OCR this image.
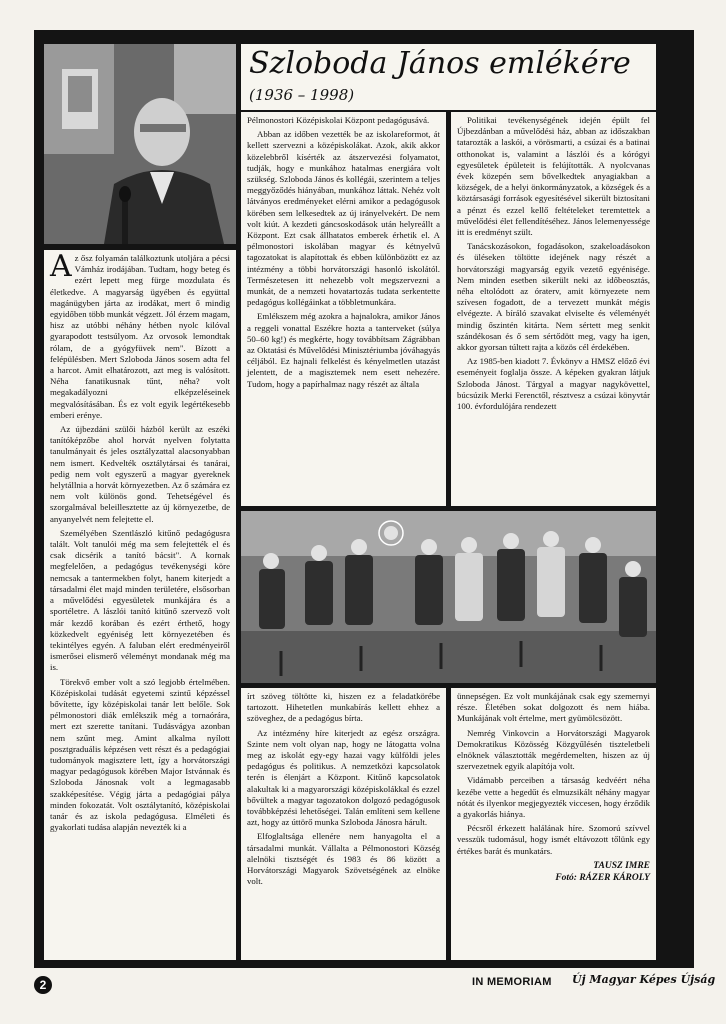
Szloboda János emlékére
(1936 – 1998)

Az ősz folyamán találkoztunk utoljára a pécsi Vámház irodájában. Tudtam, hogy beteg és ezért lepett meg fürge mozdulata és életkedve. A magyarság ügyében és együttal magánügyben járta az irodákat, mert ő mindig egyidőben több munkát végzett. Jól érzem magam, hisz az utóbbi néhány hétben nyolc kilóval gyarapodott testsúlyom. Az orvosok lemondtak rólam, de a gyógyfüvek nem". Bízott a felépülésben. Mert Szloboda János sosem adta fel a harcot. Amit elhatározott, azt meg is valósított. Néha fanatikusnak tűnt, néha? volt megakadályozni elképzeléseinek megvalósításában. És ez volt egyik legértékesebb emberi erénye.

Az újbezdáni szülői házból került az eszéki tanítóképzőbe ahol horvát nyelven folytatta tanulmányait és jeles osztályzattal alacsonyabban nem ismert. Kedvelték osztálytársai és tanárai, pedig nem volt egyszerű a magyar gyereknek helytállnia a horvát környezetben. Az ő számára ez nem volt különös gond. Tehetségével és szorgalmával beleillesztette az új környezetbe, de anyanyelvét nem felejtette el.

Személyében Szentlászló kitűnő pedagógusra talált. Volt tanulói még ma sem felejtették el és csak dicsérik a tanító bácsit". A kornak megfelelően, a pedagógus tevékenységi köre nemcsak a tantermekben folyt, hanem kiterjedt a társadalmi élet majd minden területére, elsősorban a művelődési egyesületek munkájára és a sportéletre. A lászlói tanító kitűnő szervező volt már kezdő korában és ezért érthető, hogy közkedvelt egyéniség lett környezetében és tekintélyes egyén. A faluban elért eredményeiről ismerősei elismerő véleményt mondanak még ma is.

Törekvő ember volt a szó legjobb értelmében. Középiskolai tudását egyetemi szintű képzéssel bővítette, így középiskolai tanár lett belőle. Sok pélmonostori diák emlékszik még a tornaórára, mert ezt szerette tanítani. Tudásvágya azonban nem szűnt meg. Amint alkalma nyílott posztgraduális képzésen vett részt és a pedagógiai tudományok magiszterе lett, így a horvátországi magyar pedagógusok körében Major Istvánnak és Szloboda Jánosnak volt a legmagasabb szakképesítése. Végig járta a pedagógiai pálya minden fokozatát. Volt osztálytanító, középiskolai tanár és az iskola pedagógusa. Elméleti és gyakorlati tudása alapján nevezték ki a

Pélmonostori Középiskolai Központ pedagógusává.

Abban az időben vezették be az iskolareformot, át kellett szervezni a középiskolákat. Azok, akik akkor közelebbről kísérték az átszervezési folyamatot, tudják, hogy e munkához hatalmas energiára volt szükség. Szloboda János és kollégái, szerintem a teljes meggyőződés hiányában, munkához láttak. Nehéz volt látványos eredményeket elérni amikor a pedagógusok körében sem lelkesedtek az új irányelvekért. De nem volt kiút. A kezdeti gáncsoskodások után helyreállt a Központ. Ezt csak állhatatos emberek érhetik el. A pélmonostori iskolában magyar és kétnyelvű tagozatokat is alapítottak és ebben különbözött ez az intézmény a többi horvátországi hasonló iskolától. Természetesen itt nehezebb volt megszervezni a munkát, de a nemzeti hovatartozás tudata serkentette pedagógus kollégáinkat a többletmunkára.

Emlékszem még azokra a hajnalokra, amikor János a reggeli vonattal Eszékre hozta a tanterveket (súlya 50–60 kg!) és megkérte, hogy továbbítsam Zágrábban az Oktatási és Művelődési Minisztériumba jóváhagyás céljából. Ez hajnali felkelést és kényelmetlen utazást jelentett, de a magisztemek nem esett nehezére. Tudom, hogy a papírhalmaz nagy részét az általa

Politikai tevékenységének idején épült fel Újbezdánban a művelődési ház, abban az időszakban tatarozták a laskói, a vörösmarti, a csúzai és a batinai otthonokat is, valamint a lászlói és a kórógyi egyesületek épületeit is felújították. A nyolcvanas évek közepén sem bővelkedtek anyagiakban a községek, de a helyi önkormányzatok, a községek és a köztársasági források egyesítésével sikerült biztosítani a pénzt és ezzel kellő feltételeket teremtettek a művelődési élet fellendítéséhez. János lelemenyessége itt is eredményt szült.

Tanácskozásokon, fogadásokon, szakeloadásokon és üléseken töltötte idejének nagy részét a horvátországi magyarság egyik vezető egyénisége. Nem minden esetben sikerült neki az időbeosztás, néha eltolódott az óraterv, amit környezete nem szívesen fogadott, de a tervezett munkát mégis elvégezte. A bíráló szavakat elviselte és véleményét mindig őszintén kitárta. Nem sértett meg senkit szándékosan és ő sem sértődött meg, vagy ha igen, akkor gyorsan túltett rajta a közös cél érdekében.

Az 1985-ben kiadott 7. Évkönyv a HMSZ előző évi eseményeit foglalja össze. A képeken gyakran látjuk Szloboda Jánost. Tárgyal a magyar nagykövettel, búcsúzik Merki Ferenctől, résztvesz a csúzai könyvtár 100. évfordulójára rendezett

írt szöveg töltötte ki, hiszen ez a feladatkörébe tartozott. Hihetetlen munkabírás kellett ehhez a szöveghez, de a pedagógus bírta.

Az intézmény híre kiterjedt az egész országra. Szinte nem volt olyan nap, hogy ne látogatta volna meg az iskolát egy-egy hazai vagy külföldi jeles pedagógus és politikus. A nemzetközi kapcsolatok terén is élenjárt a Központ. Kitűnő kapcsolatok alakultak ki a magyarországi középiskolákkal és ezzel bővültek a magyar tagozatokon dolgozó pedagógusok továbbképzési lehetőségei. Talán említeni sem kellene azt, hogy az úttörő munka Szloboda Jánosra hárult.

Elfoglaltsága ellenére nem hanyagolta el a társadalmi munkát. Vállalta a Pélmonostori Község alelnöki tisztségét és 1983 és 86 között a Horvátországi Magyarok Szövetségének az elnöke volt.

ünnepségen. Ez volt munkájának csak egy szemernyi része. Életében sokat dolgozott és nem hiába. Munkájának volt értelme, mert gyümölcsözött.

Nemrég Vinkovcin a Horvátországi Magyarok Demokratikus Közösség Közgyűlésén tiszteletbeli elnöknek választották megérdemelten, hiszen az új szervezetnek egyik alapítója volt.

Vidámabb perceiben a társaság kedvéért néha kezébe vette a hegedűt és elmuzsikált néhány magyar nótát és ilyenkor megjegyezték viccesen, hogy érződik a gyakorlás hiánya.

Pécsről érkezett halálának híre. Szomorú szívvel vesszük tudomásul, hogy ismét eltávozott tőlünk egy értékes barát és munkatárs.

TAUSZ IMRE
Fotó: RÁZER KÁROLY
2	IN MEMORIAM Új Magyar Képes Újság
